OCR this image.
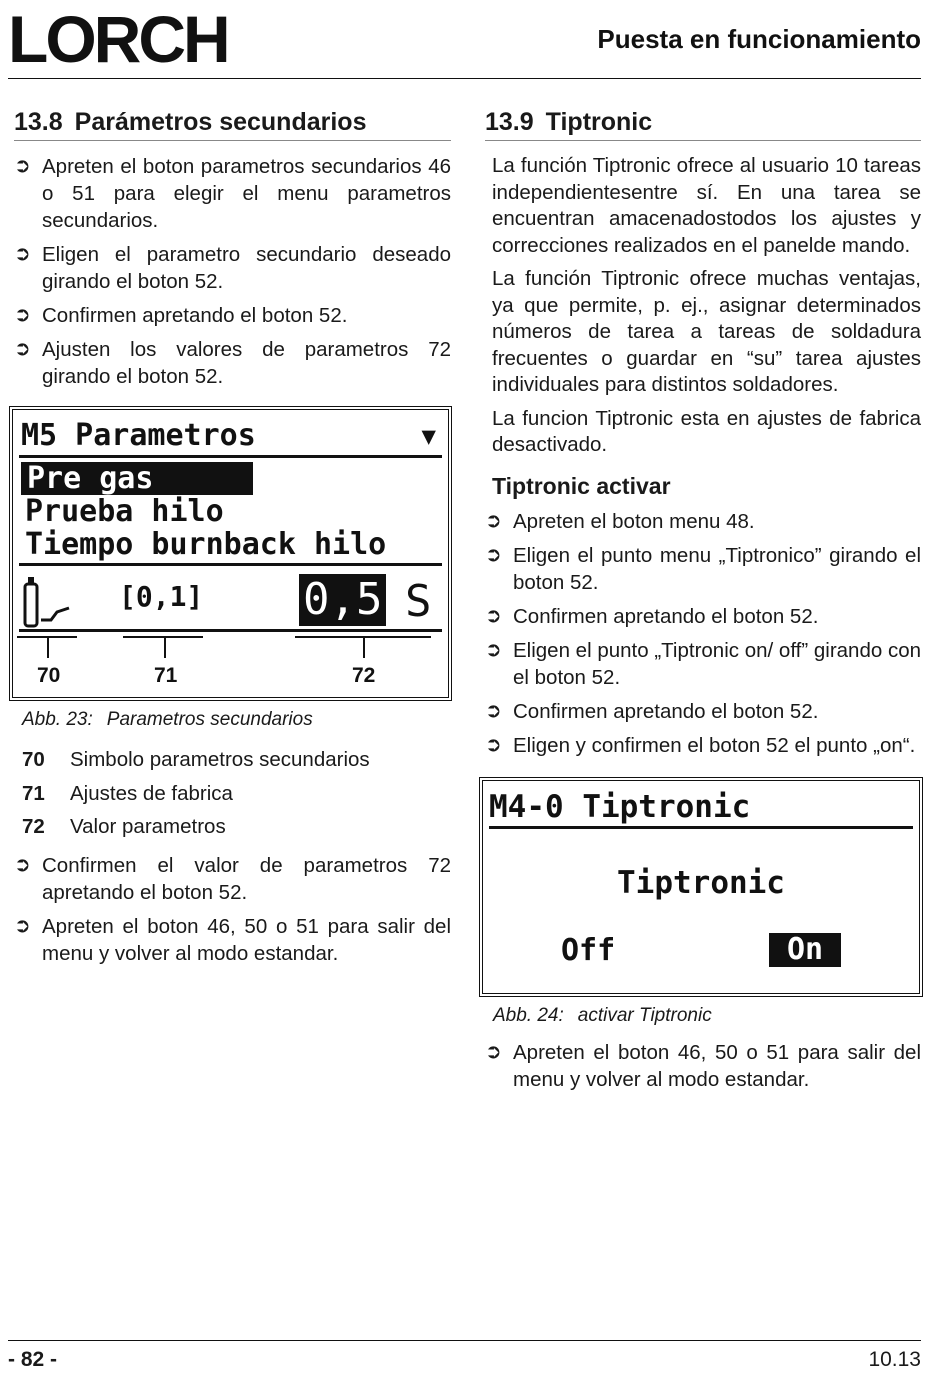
LORCH	Puesta en funcionamiento
13.8 Parámetros secundarios
➲ Apreten el boton parametros secundarios 46 o 51 para elegir el menu parametros secundarios.
➲ Eligen el parametro secundario deseado girando el boton 52.
➲ Confirmen apretando el boton 52.
➲ Ajusten los valores de parametros 72 girando el boton 52.
M5 Parametros	▼
Pre gas
Prueba hilo
Tiempo burnback hilo
[0,1] 0,5 S
70	71	72
Abb. 23: Parametros secundarios
70 Simbolo parametros secundarios
71 Ajustes de fabrica
72 Valor parametros
➲ Confirmen el valor de parametros 72 apretando el boton 52.
➲ Apreten el boton 46, 50 o 51 para salir del menu y volver al modo estandar.
13.9 Tiptronic

La función Tiptronic ofrece al usuario 10 tareas independientesentre sí. En una tarea se encuentran amacenadostodos los ajustes y correcciones realizados en el panelde mando.

La función Tiptronic ofrece muchas ventajas, ya que permite, p. ej., asignar determinados números de tarea a tareas de soldadura frecuentes o guardar en “su” tarea ajustes individuales para distintos soldadores.

La funcion Tiptronic esta en ajustes de fabrica desactivado.

Tiptronic activar
➲ Apreten el boton menu 48.
➲ Eligen el punto menu „Tiptronico” girando el boton 52.
➲ Confirmen apretando el boton 52.
➲ Eligen el punto „Tiptronic on/ off” girando con el boton 52.
➲ Confirmen apretando el boton 52.
➲ Eligen y confirmen el boton 52 el punto „on“.
M4-0 Tiptronic
Tiptronic
Off	On
Abb. 24: activar Tiptronic
➲ Apreten el boton 46, 50 o 51 para salir del menu y volver al modo estandar.
- 82 -	10.13
